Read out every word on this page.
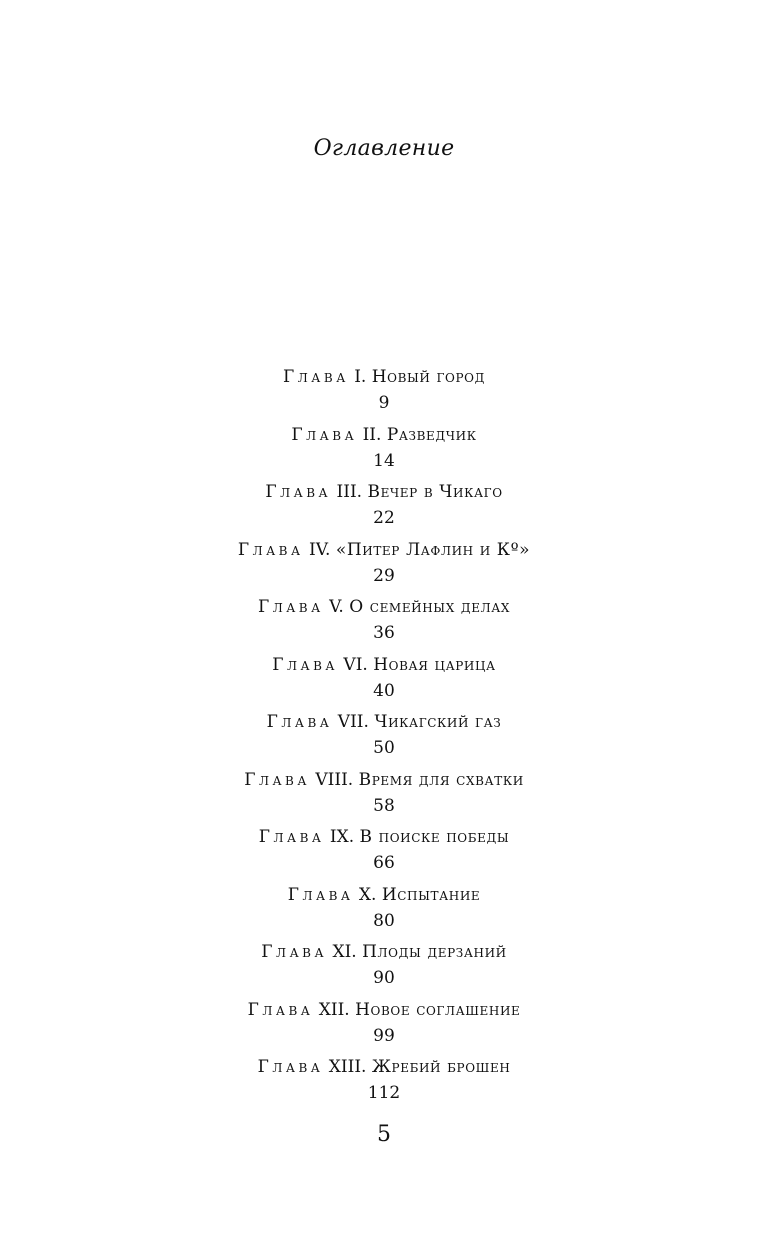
Оглавление
Глава I. Новый город
9
Глава II. Разведчик
14
Глава III. Вечер в Чикаго
22
Глава IV. «Питер Лафлин и Кº»
29
Глава V. О семейных делах
36
Глава VI. Новая царица
40
Глава VII. Чикагский газ
50
Глава VIII. Время для схватки
58
Глава IX. В поиске победы
66
Глава X. Испытание
80
Глава XI. Плоды дерзаний
90
Глава XII. Новое соглашение
99
Глава XIII. Жребий брошен
112
5
